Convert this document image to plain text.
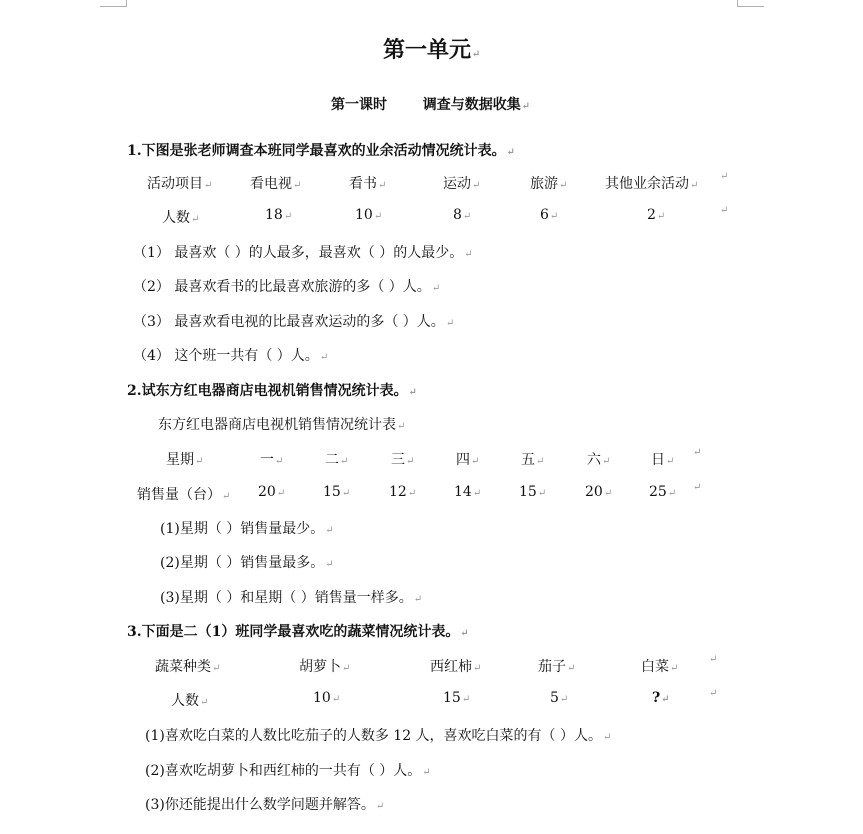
第一单元↵
第一课时	调查与数据收集↵
1.下图是张老师调查本班同学最喜欢的业余活动情况统计表。↵
活动项目↵	看电视↵	看书↵	运动↵	旅游↵	其他业余活动↵
↵
人数↵	18↵	10↵	8↵	6↵	2↵
↵
（1） 最喜欢（ ）的人最多，最喜欢（ ）的人最少。↵
（2） 最喜欢看书的比最喜欢旅游的多（ ）人。↵
（3） 最喜欢看电视的比最喜欢运动的多（ ）人。↵
（4） 这个班一共有（ ）人。↵
2.试东方红电器商店电视机销售情况统计表。↵
东方红电器商店电视机销售情况统计表↵
星期↵	一↵	二↵	三↵	四↵	五↵	六↵	日↵
↵
销售量（台）↵ 20↵	15↵	12↵	14↵	15↵	20↵	25↵
↵
(1)星期（ ）销售量最少。↵
(2)星期（ ）销售量最多。↵
(3)星期（ ）和星期（ ）销售量一样多。↵
3.下面是二（1）班同学最喜欢吃的蔬菜情况统计表。↵
蔬菜种类↵	胡萝卜↵	西红柿↵	茄子↵	白菜↵
↵
人数↵	10↵	15↵	5↵	?↵
↵
(1)喜欢吃白菜的人数比吃茄子的人数多 12 人，喜欢吃白菜的有（ ）人。↵
(2)喜欢吃胡萝卜和西红柿的一共有（ ）人。↵
(3)你还能提出什么数学问题并解答。↵
